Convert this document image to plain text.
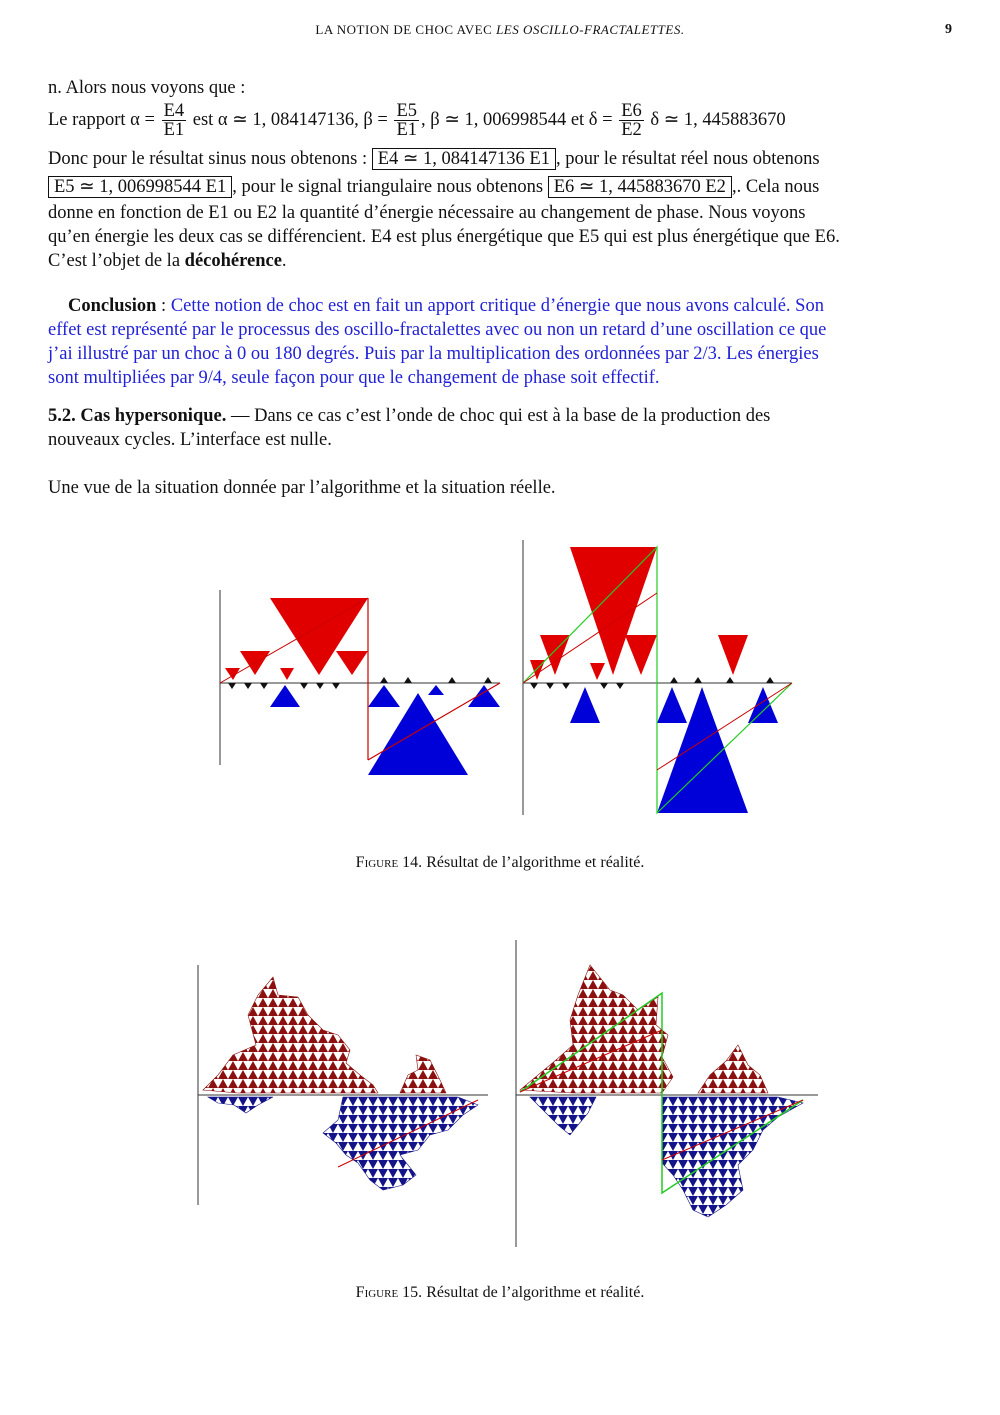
LA NOTION DE CHOC AVEC LES OSCILLO-FRACTALETTES.	9
n. Alors nous voyons que :
Le rapport $\alpha = \frac{E4}{E1}$ est α ≃ 1, 084147136, $\beta = \frac{E5}{E1}$ , β ≃ 1, 006998544 et $\delta = \frac{E6}{E2}$ δ ≃ 1, 445883670
Donc pour le résultat sinus nous obtenons : E4 ≃ 1, 084147136 E1 , pour le résultat réel nous obtenons
E5 ≃ 1, 006998544 E1 , pour le signal triangulaire nous obtenons E6 ≃ 1, 445883670 E2 ,. Cela nous
donne en fonction de E1 ou E2 la quantité d’énergie nécessaire au changement de phase. Nous voyons
qu’en énergie les deux cas se différencient. E4 est plus énergétique que E5 qui est plus énergétique que E6.
C’est l’objet de la décohérence.
Conclusion : Cette notion de choc est en fait un apport critique d’énergie que nous avons calculé. Son
effet est représenté par le processus des oscillo-fractalettes avec ou non un retard d’une oscillation ce que
j’ai illustré par un choc à 0 ou 180 degrés. Puis par la multiplication des ordonnées par 2/3. Les énergies
sont multipliées par 9/4, seule façon pour que le changement de phase soit effectif.
5.2. Cas hypersonique. — Dans ce cas c’est l’onde de choc qui est à la base de la production des
nouveaux cycles. L’interface est nulle.
Une vue de la situation donnée par l’algorithme et la situation réelle.
Figure 14. Résultat de l’algorithme et réalité.
Figure 15. Résultat de l’algorithme et réalité.
